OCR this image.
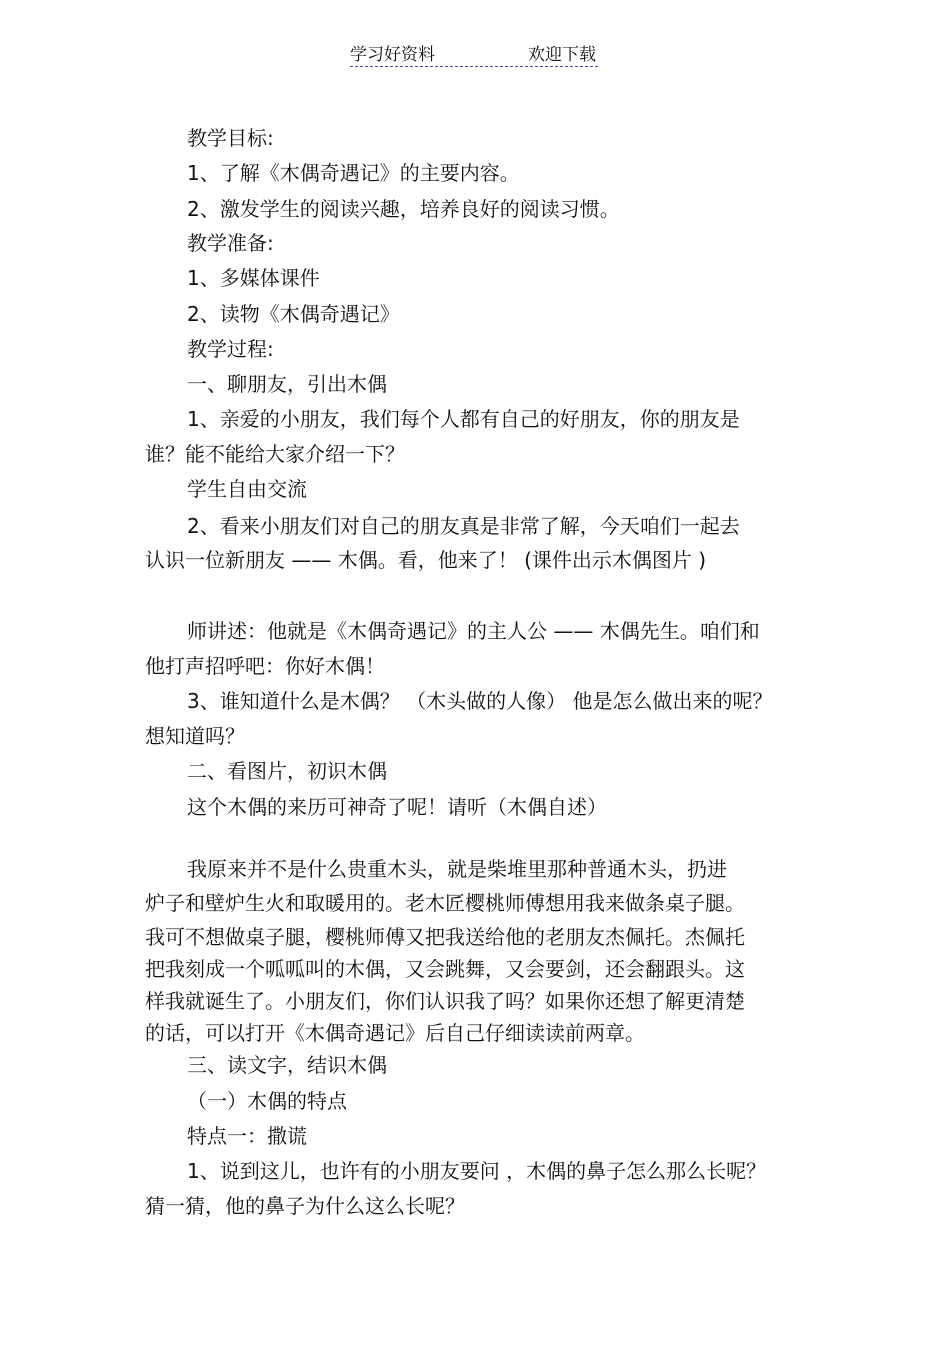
学习好资料	欢迎下载
教学目标:
1、了解《木偶奇遇记》的主要内容。
2、激发学生的阅读兴趣，培养良好的阅读习惯。
教学准备:
1、多媒体课件
2、读物《木偶奇遇记》
教学过程:
一、聊朋友，引出木偶
1、亲爱的小朋友，我们每个人都有自己的好朋友，你的朋友是
谁？能不能给大家介绍一下？
学生自由交流
2、看来小朋友们对自己的朋友真是非常了解，今天咱们一起去
认识一位新朋友 —— 木偶。看，他来了！ (课件出示木偶图片 )
师讲述：他就是《木偶奇遇记》的主人公 —— 木偶先生。咱们和
他打声招呼吧：你好木偶！
3、谁知道什么是木偶？ （木头做的人像） 他是怎么做出来的呢？
想知道吗？
二、看图片，初识木偶
这个木偶的来历可神奇了呢！请听（木偶自述）
我原来并不是什么贵重木头，就是柴堆里那种普通木头，扔进
炉子和壁炉生火和取暖用的。老木匠樱桃师傅想用我来做条桌子腿。
我可不想做桌子腿，樱桃师傅又把我送给他的老朋友杰佩托。杰佩托
把我刻成一个呱呱叫的木偶，又会跳舞，又会要剑，还会翻跟头。这
样我就诞生了。小朋友们，你们认识我了吗？如果你还想了解更清楚
的话，可以打开《木偶奇遇记》后自己仔细读读前两章。
三、读文字，结识木偶
（一）木偶的特点
特点一：撒谎
1、说到这儿，也许有的小朋友要问 ，木偶的鼻子怎么那么长呢？
猜一猜，他的鼻子为什么这么长呢？
